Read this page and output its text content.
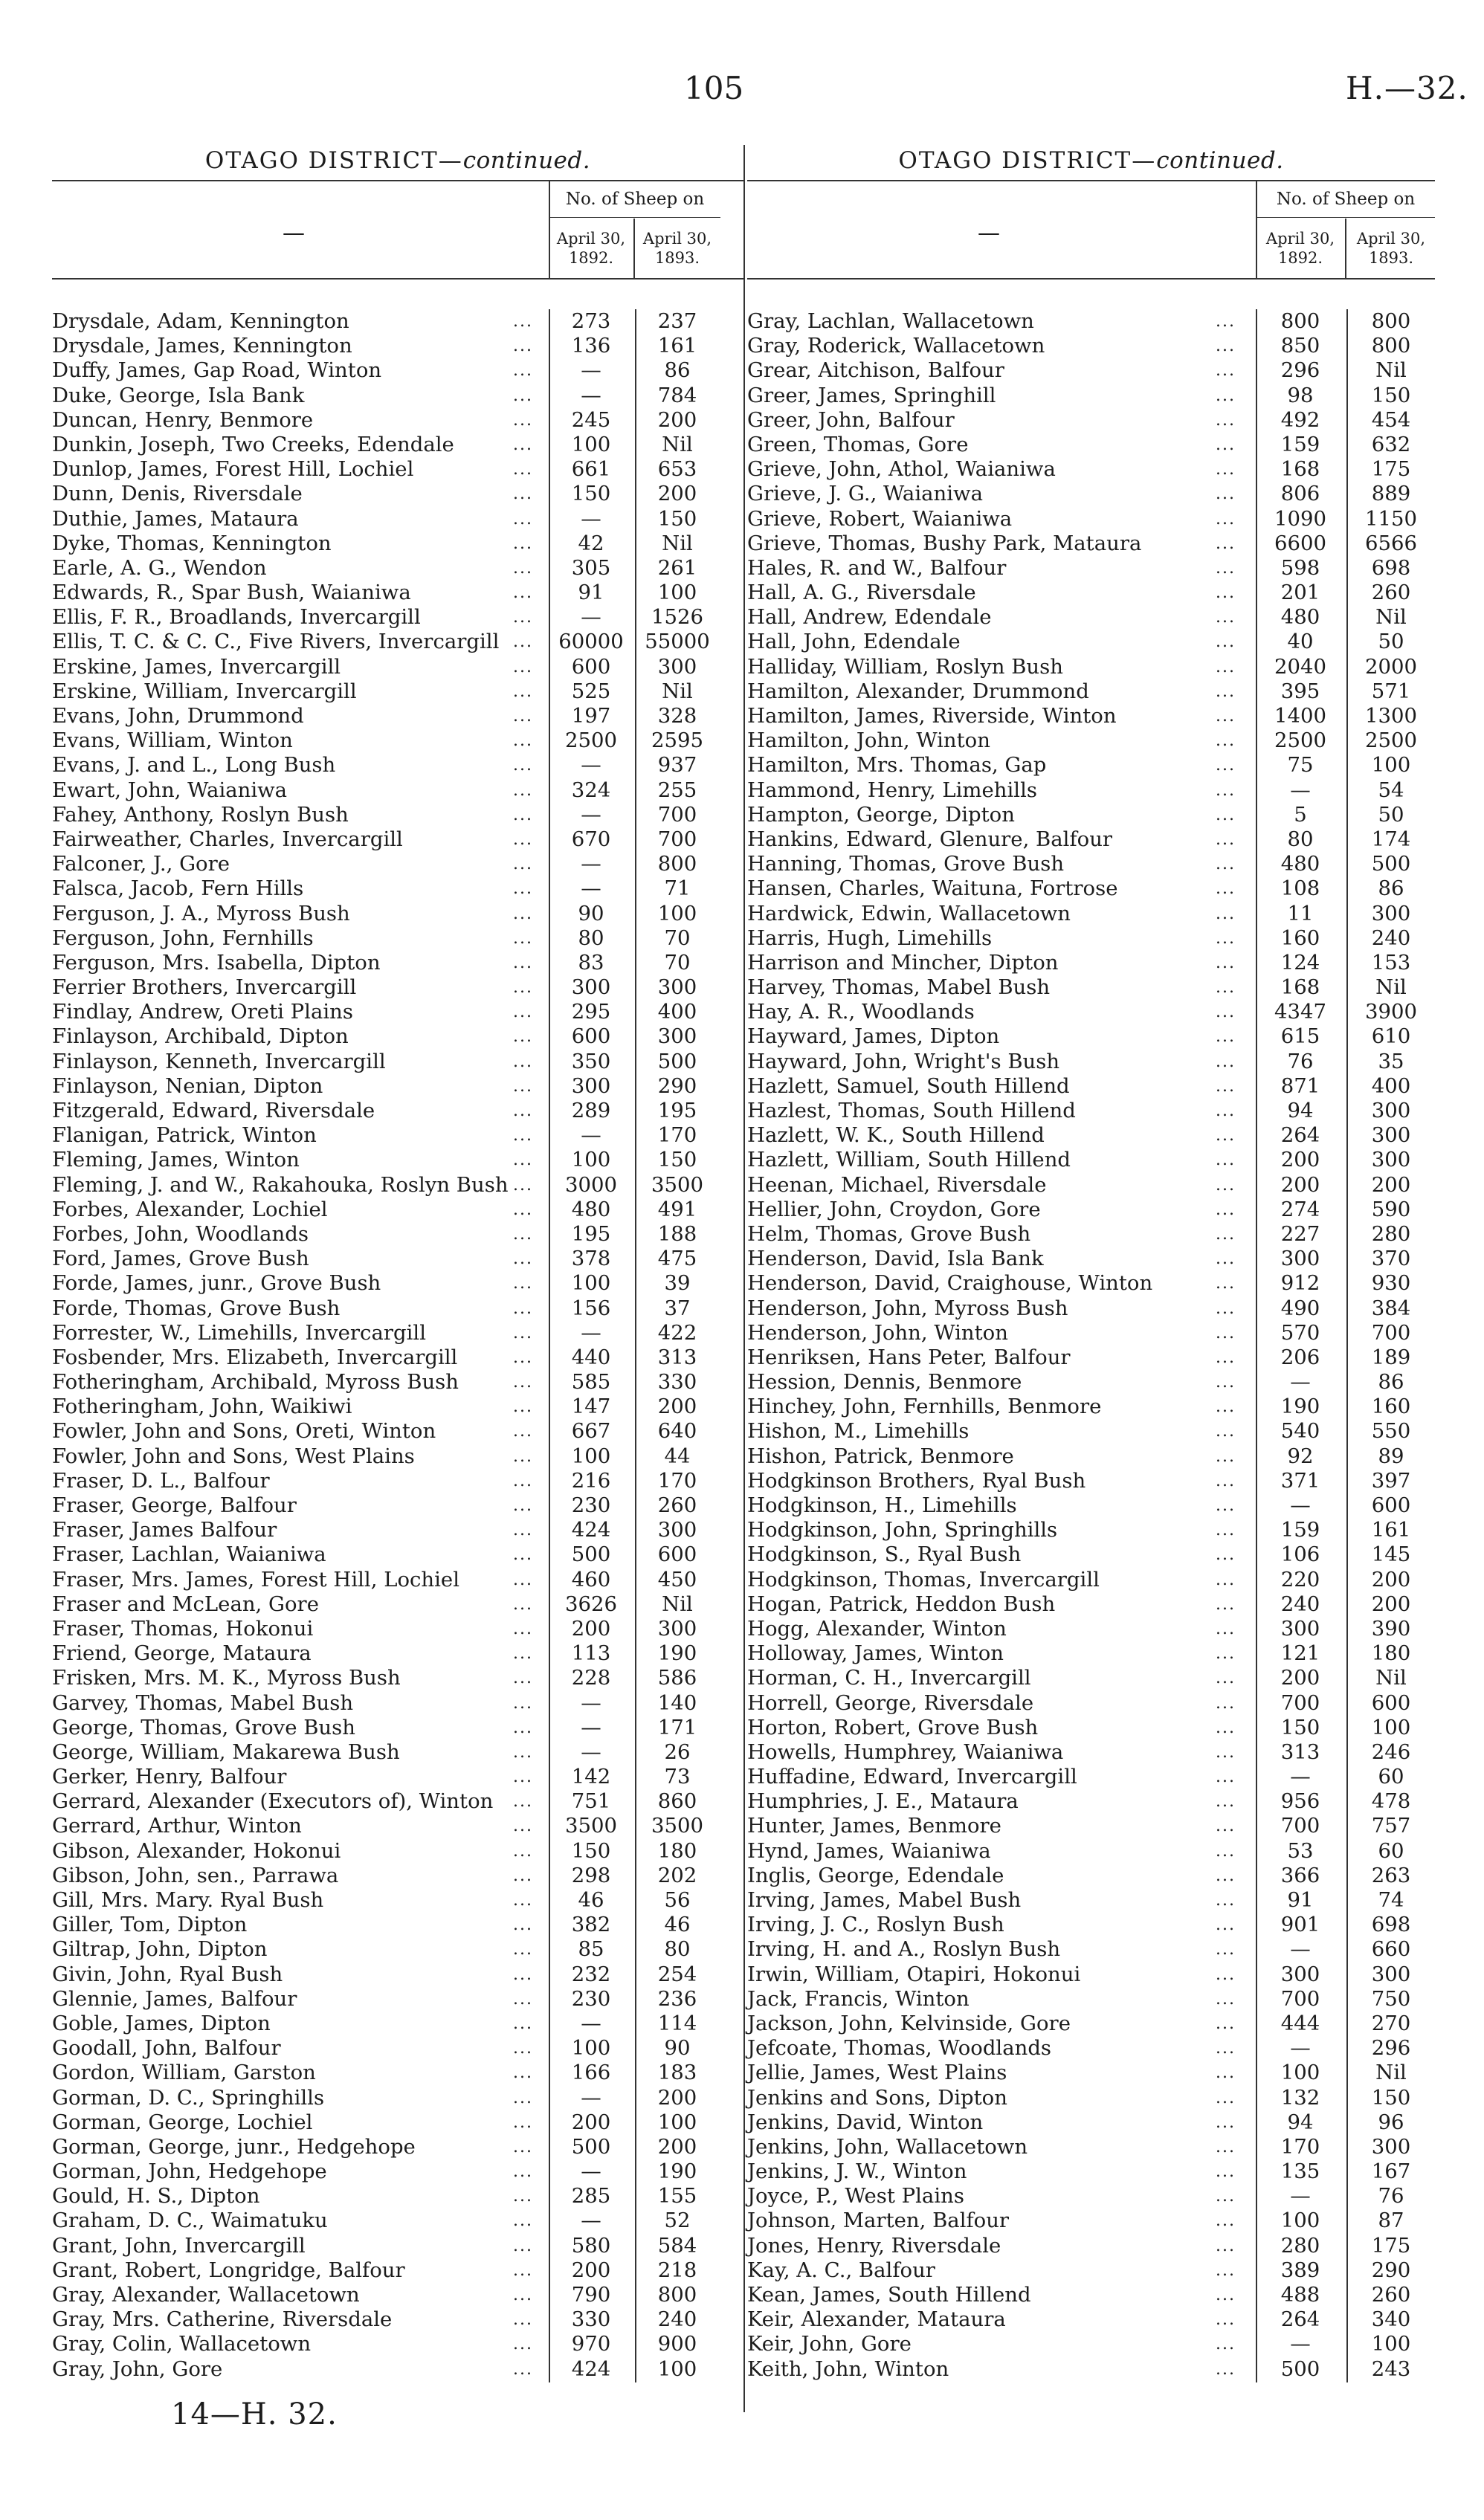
105	H.—32.
OTAGO DISTRICT—continued.
—
No. of Sheep on
April 30, 1892.
April 30, 1893.
Drysdale, Adam, Kennington	...	273	237
Drysdale, James, Kennington	...	136	161
Duffy, James, Gap Road, Winton	...	—	86
Duke, George, Isla Bank	...	—	784
Duncan, Henry, Benmore	...	245	200
Dunkin, Joseph, Two Creeks, Edendale	...	100	Nil
Dunlop, James, Forest Hill, Lochiel	...	661	653
Dunn, Denis, Riversdale	...	150	200
Duthie, James, Mataura	...	—	150
Dyke, Thomas, Kennington	...	42	Nil
Earle, A. G., Wendon	...	305	261
Edwards, R., Spar Bush, Waianiwa	...	91	100
Ellis, F. R., Broadlands, Invercargill	...	—	1526
Ellis, T. C. & C. C., Five Rivers, Invercargill ...	60000	55000
Erskine, James, Invercargill	...	600	300
Erskine, William, Invercargill	...	525	Nil
Evans, John, Drummond	...	197	328
Evans, William, Winton	...	2500	2595
Evans, J. and L., Long Bush	...	—	937
Ewart, John, Waianiwa	...	324	255
Fahey, Anthony, Roslyn Bush	...	—	700
Fairweather, Charles, Invercargill	...	670	700
Falconer, J., Gore	...	—	800
Falsca, Jacob, Fern Hills	...	—	71
Ferguson, J. A., Myross Bush	...	90	100
Ferguson, John, Fernhills	...	80	70
Ferguson, Mrs. Isabella, Dipton	...	83	70
Ferrier Brothers, Invercargill	...	300	300
Findlay, Andrew, Oreti Plains	...	295	400
Finlayson, Archibald, Dipton	...	600	300
Finlayson, Kenneth, Invercargill	...	350	500
Finlayson, Nenian, Dipton	...	300	290
Fitzgerald, Edward, Riversdale	...	289	195
Flanigan, Patrick, Winton	...	—	170
Fleming, James, Winton	...	100	150
Fleming, J. and W., Rakahouka, Roslyn Bush ...	3000	3500
Forbes, Alexander, Lochiel	...	480	491
Forbes, John, Woodlands	...	195	188
Ford, James, Grove Bush	...	378	475
Forde, James, junr., Grove Bush	...	100	39
Forde, Thomas, Grove Bush	...	156	37
Forrester, W., Limehills, Invercargill	...	—	422
Fosbender, Mrs. Elizabeth, Invercargill	...	440	313
Fotheringham, Archibald, Myross Bush	...	585	330
Fotheringham, John, Waikiwi	...	147	200
Fowler, John and Sons, Oreti, Winton	...	667	640
Fowler, John and Sons, West Plains	...	100	44
Fraser, D. L., Balfour	...	216	170
Fraser, George, Balfour	...	230	260
Fraser, James Balfour	...	424	300
Fraser, Lachlan, Waianiwa	...	500	600
Fraser, Mrs. James, Forest Hill, Lochiel	...	460	450
Fraser and McLean, Gore	...	3626	Nil
Fraser, Thomas, Hokonui	...	200	300
Friend, George, Mataura	...	113	190
Frisken, Mrs. M. K., Myross Bush	...	228	586
Garvey, Thomas, Mabel Bush	...	—	140
George, Thomas, Grove Bush	...	—	171
George, William, Makarewa Bush	...	—	26
Gerker, Henry, Balfour	...	142	73
Gerrard, Alexander (Executors of), Winton ...	751	860
Gerrard, Arthur, Winton	...	3500	3500
Gibson, Alexander, Hokonui	...	150	180
Gibson, John, sen., Parrawa	...	298	202
Gill, Mrs. Mary. Ryal Bush	...	46	56
Giller, Tom, Dipton	...	382	46
Giltrap, John, Dipton	...	85	80
Givin, John, Ryal Bush	...	232	254
Glennie, James, Balfour	...	230	236
Goble, James, Dipton	...	—	114
Goodall, John, Balfour	...	100	90
Gordon, William, Garston	...	166	183
Gorman, D. C., Springhills	...	—	200
Gorman, George, Lochiel	...	200	100
Gorman, George, junr., Hedgehope	...	500	200
Gorman, John, Hedgehope	...	—	190
Gould, H. S., Dipton	...	285	155
Graham, D. C., Waimatuku	...	—	52
Grant, John, Invercargill	...	580	584
Grant, Robert, Longridge, Balfour	...	200	218
Gray, Alexander, Wallacetown	...	790	800
Gray, Mrs. Catherine, Riversdale	...	330	240
Gray, Colin, Wallacetown	...	970	900
Gray, John, Gore	...	424	100
OTAGO DISTRICT—continued.
—
No. of Sheep on
April 30, 1892.
April 30, 1893.
Gray, Lachlan, Wallacetown	...	800	800
Gray, Roderick, Wallacetown	...	850	800
Grear, Aitchison, Balfour	...	296	Nil
Greer, James, Springhill	...	98	150
Greer, John, Balfour	...	492	454
Green, Thomas, Gore	...	159	632
Grieve, John, Athol, Waianiwa	...	168	175
Grieve, J. G., Waianiwa	...	806	889
Grieve, Robert, Waianiwa	...	1090	1150
Grieve, Thomas, Bushy Park, Mataura	...	6600	6566
Hales, R. and W., Balfour	...	598	698
Hall, A. G., Riversdale	...	201	260
Hall, Andrew, Edendale	...	480	Nil
Hall, John, Edendale	...	40	50
Halliday, William, Roslyn Bush	...	2040	2000
Hamilton, Alexander, Drummond	...	395	571
Hamilton, James, Riverside, Winton	...	1400	1300
Hamilton, John, Winton	...	2500	2500
Hamilton, Mrs. Thomas, Gap	...	75	100
Hammond, Henry, Limehills	...	—	54
Hampton, George, Dipton	...	5	50
Hankins, Edward, Glenure, Balfour	...	80	174
Hanning, Thomas, Grove Bush	...	480	500
Hansen, Charles, Waituna, Fortrose	...	108	86
Hardwick, Edwin, Wallacetown	...	11	300
Harris, Hugh, Limehills	...	160	240
Harrison and Mincher, Dipton	...	124	153
Harvey, Thomas, Mabel Bush	...	168	Nil
Hay, A. R., Woodlands	...	4347	3900
Hayward, James, Dipton	...	615	610
Hayward, John, Wright's Bush	...	76	35
Hazlett, Samuel, South Hillend	...	871	400
Hazlest, Thomas, South Hillend	...	94	300
Hazlett, W. K., South Hillend	...	264	300
Hazlett, William, South Hillend	...	200	300
Heenan, Michael, Riversdale	...	200	200
Hellier, John, Croydon, Gore	...	274	590
Helm, Thomas, Grove Bush	...	227	280
Henderson, David, Isla Bank	...	300	370
Henderson, David, Craighouse, Winton	...	912	930
Henderson, John, Myross Bush	...	490	384
Henderson, John, Winton	...	570	700
Henriksen, Hans Peter, Balfour	...	206	189
Hession, Dennis, Benmore	...	—	86
Hinchey, John, Fernhills, Benmore	...	190	160
Hishon, M., Limehills	...	540	550
Hishon, Patrick, Benmore	...	92	89
Hodgkinson Brothers, Ryal Bush	...	371	397
Hodgkinson, H., Limehills	...	—	600
Hodgkinson, John, Springhills	...	159	161
Hodgkinson, S., Ryal Bush	...	106	145
Hodgkinson, Thomas, Invercargill	...	220	200
Hogan, Patrick, Heddon Bush	...	240	200
Hogg, Alexander, Winton	...	300	390
Holloway, James, Winton	...	121	180
Horman, C. H., Invercargill	...	200	Nil
Horrell, George, Riversdale	...	700	600
Horton, Robert, Grove Bush	...	150	100
Howells, Humphrey, Waianiwa	...	313	246
Huffadine, Edward, Invercargill	...	—	60
Humphries, J. E., Mataura	...	956	478
Hunter, James, Benmore	...	700	757
Hynd, James, Waianiwa	...	53	60
Inglis, George, Edendale	...	366	263
Irving, James, Mabel Bush	...	91	74
Irving, J. C., Roslyn Bush	...	901	698
Irving, H. and A., Roslyn Bush	...	—	660
Irwin, William, Otapiri, Hokonui	...	300	300
Jack, Francis, Winton	...	700	750
Jackson, John, Kelvinside, Gore	...	444	270
Jefcoate, Thomas, Woodlands	...	—	296
Jellie, James, West Plains	...	100	Nil
Jenkins and Sons, Dipton	...	132	150
Jenkins, David, Winton	...	94	96
Jenkins, John, Wallacetown	...	170	300
Jenkins, J. W., Winton	...	135	167
Joyce, P., West Plains	...	—	76
Johnson, Marten, Balfour	...	100	87
Jones, Henry, Riversdale	...	280	175
Kay, A. C., Balfour	...	389	290
Kean, James, South Hillend	...	488	260
Keir, Alexander, Mataura	...	264	340
Keir, John, Gore	...	—	100
Keith, John, Winton	...	500	243
14—H. 32.
